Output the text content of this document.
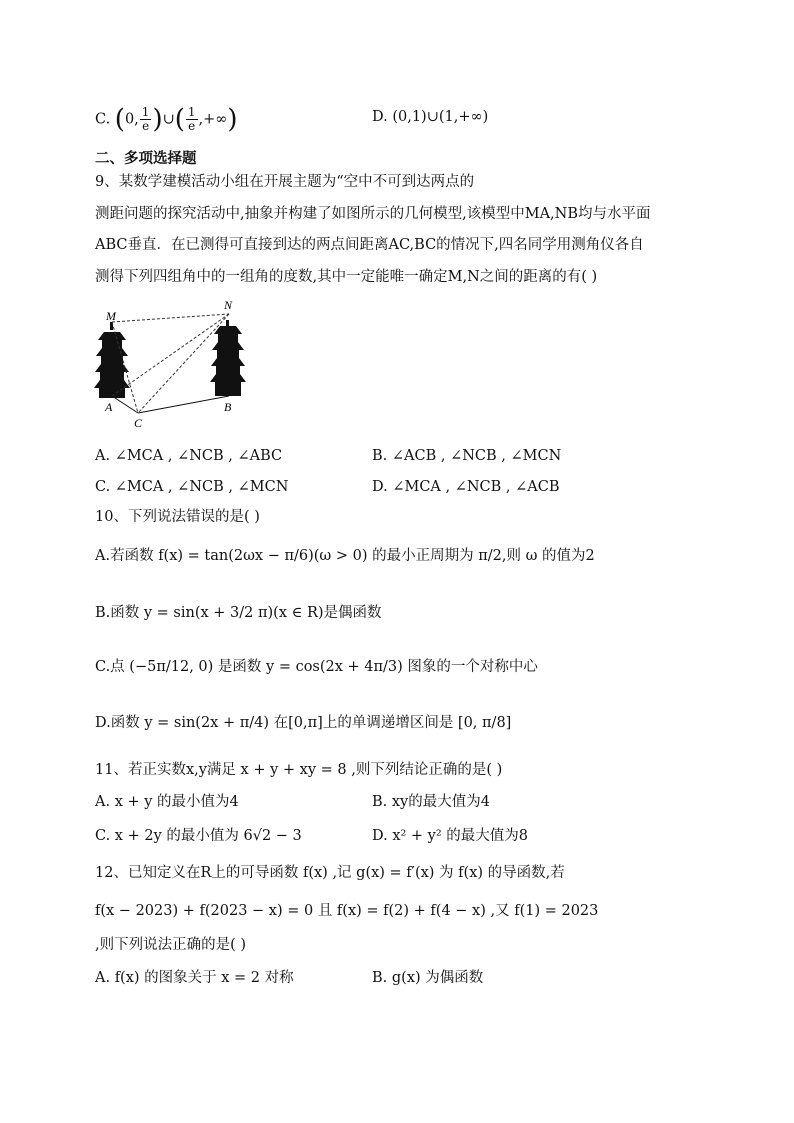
C. (0, $\frac{1}{e}$ )∪( $\frac{1}{e}$ ,+∞)	D. (0,1)∪(1,+∞)
二、多项选择题
9、某数学建模活动小组在开展主题为“空中不可到达两点的
测距问题的探究活动中,抽象并构建了如图所示的几何模型,该模型中MA,NB均与水平面
ABC垂直．在已测得可直接到达的两点间距离AC,BC的情况下,四名同学用测角仪各自
测得下列四组角中的一组角的度数,其中一定能唯一确定M,N之间的距离的有( )
M
N
A	B
C
A. ∠MCA , ∠NCB , ∠ABC	B. ∠ACB , ∠NCB , ∠MCN
C. ∠MCA , ∠NCB , ∠MCN	D. ∠MCA , ∠NCB , ∠ACB
10、下列说法错误的是( )
A.若函数 f(x) = tan(2ωx − π/6)(ω > 0) 的最小正周期为 π/2,则 ω 的值为2
B.函数 y = sin(x + 3/2 π)(x ∈ R)是偶函数
C.点 (−5π/12, 0) 是函数 y = cos(2x + 4π/3) 图象的一个对称中心
D.函数 y = sin(2x + π/4) 在[0,π]上的单调递增区间是 [0, π/8]
11、若正实数x,y满足 x + y + xy = 8 ,则下列结论正确的是( )
A. x + y 的最小值为4	B. xy的最大值为4
C. x + 2y 的最小值为 6√2 − 3	D. x² + y² 的最大值为8
12、已知定义在R上的可导函数 f(x) ,记 g(x) = f′(x) 为 f(x) 的导函数,若
f(x − 2023) + f(2023 − x) = 0 且 f(x) = f(2) + f(4 − x) ,又 f(1) = 2023
,则下列说法正确的是( )
A. f(x) 的图象关于 x = 2 对称	B. g(x) 为偶函数
